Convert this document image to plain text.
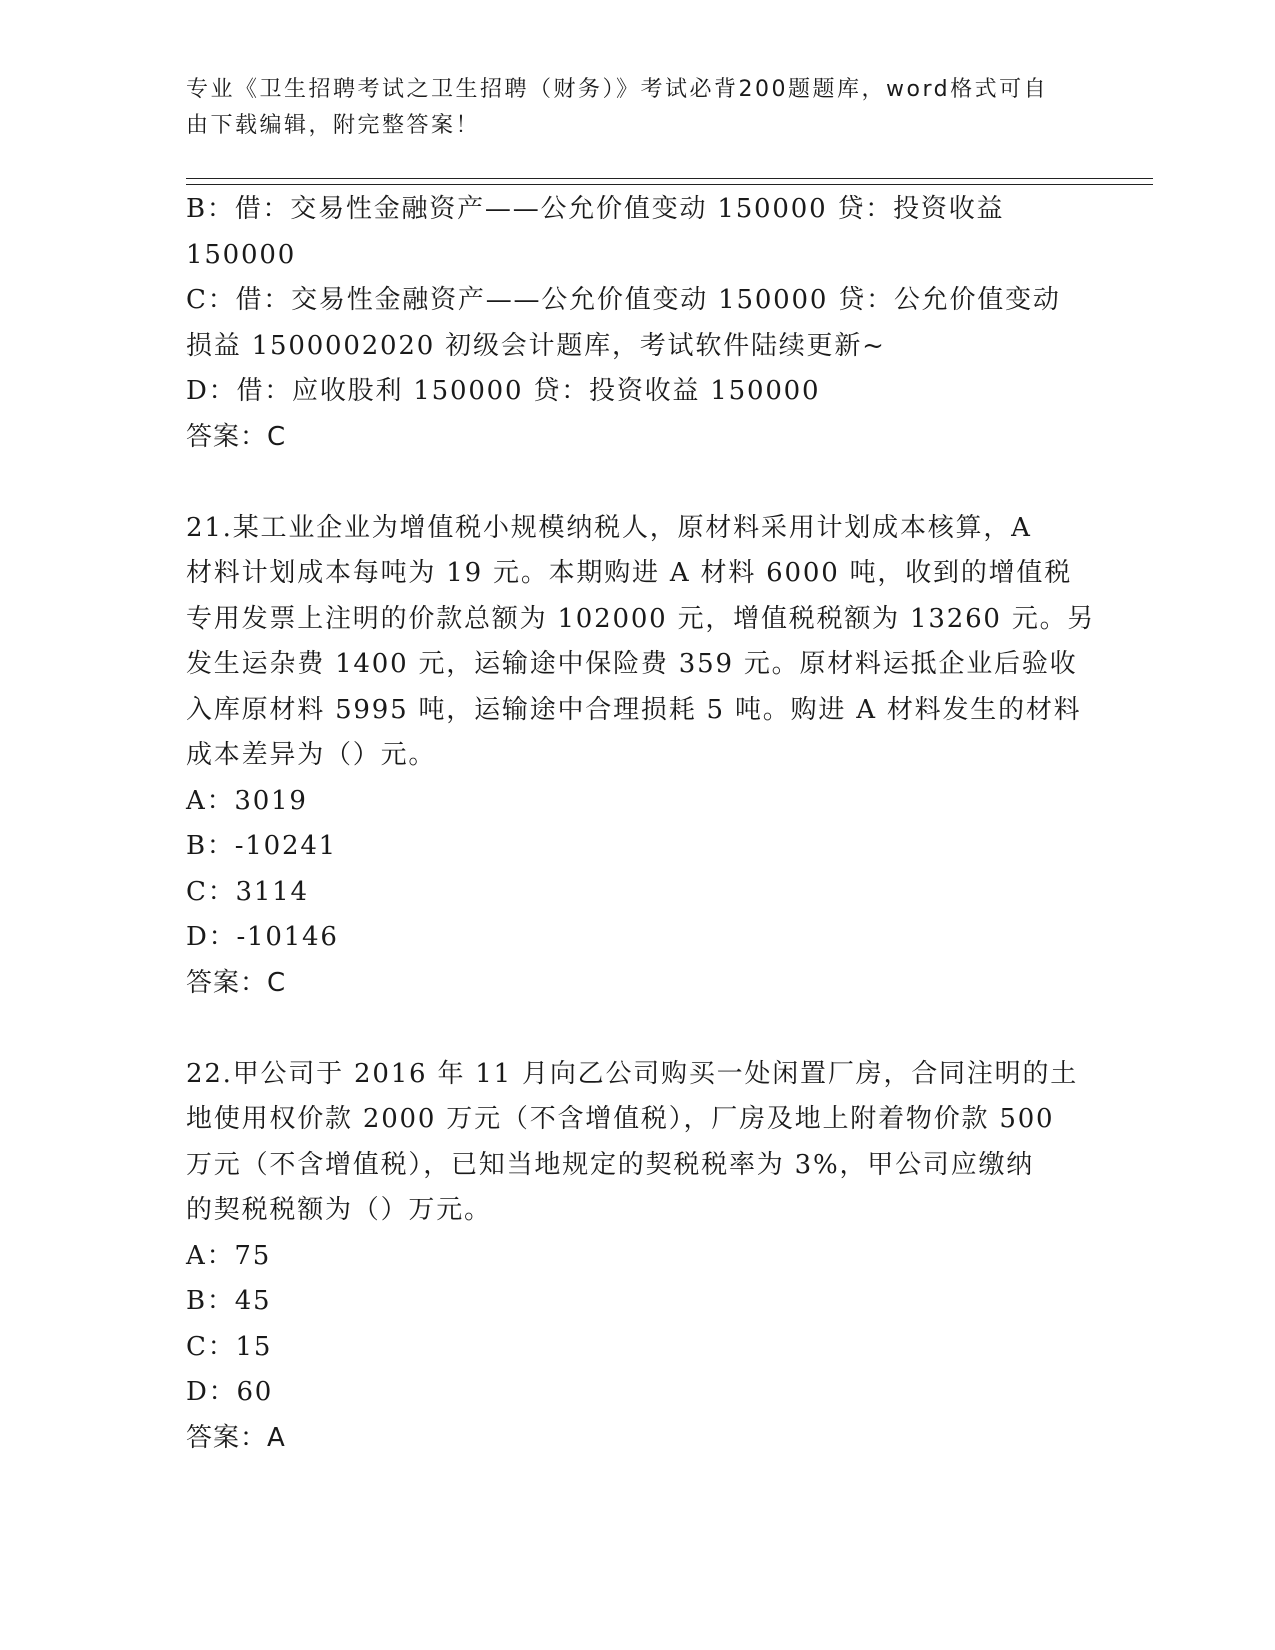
专业《卫生招聘考试之卫生招聘（财务）》考试必背200题题库，word格式可自由下载编辑，附完整答案！
B：借：交易性金融资产——公允价值变动 150000 贷：投资收益
150000
C：借：交易性金融资产——公允价值变动 150000 贷：公允价值变动
损益 1500002020 初级会计题库，考试软件陆续更新~
D：借：应收股利 150000 贷：投资收益 150000
答案：C
21.某工业企业为增值税小规模纳税人，原材料采用计划成本核算，A
材料计划成本每吨为 19 元。本期购进 A 材料 6000 吨，收到的增值税
专用发票上注明的价款总额为 102000 元，增值税税额为 13260 元。另
发生运杂费 1400 元，运输途中保险费 359 元。原材料运抵企业后验收
入库原材料 5995 吨，运输途中合理损耗 5 吨。购进 A 材料发生的材料
成本差异为（）元。
A：3019
B：-10241
C：3114
D：-10146
答案：C
22.甲公司于 2016 年 11 月向乙公司购买一处闲置厂房，合同注明的土
地使用权价款 2000 万元（不含增值税），厂房及地上附着物价款 500
万元（不含增值税），已知当地规定的契税税率为 3%，甲公司应缴纳
的契税税额为（）万元。
A：75
B：45
C：15
D：60
答案：A
